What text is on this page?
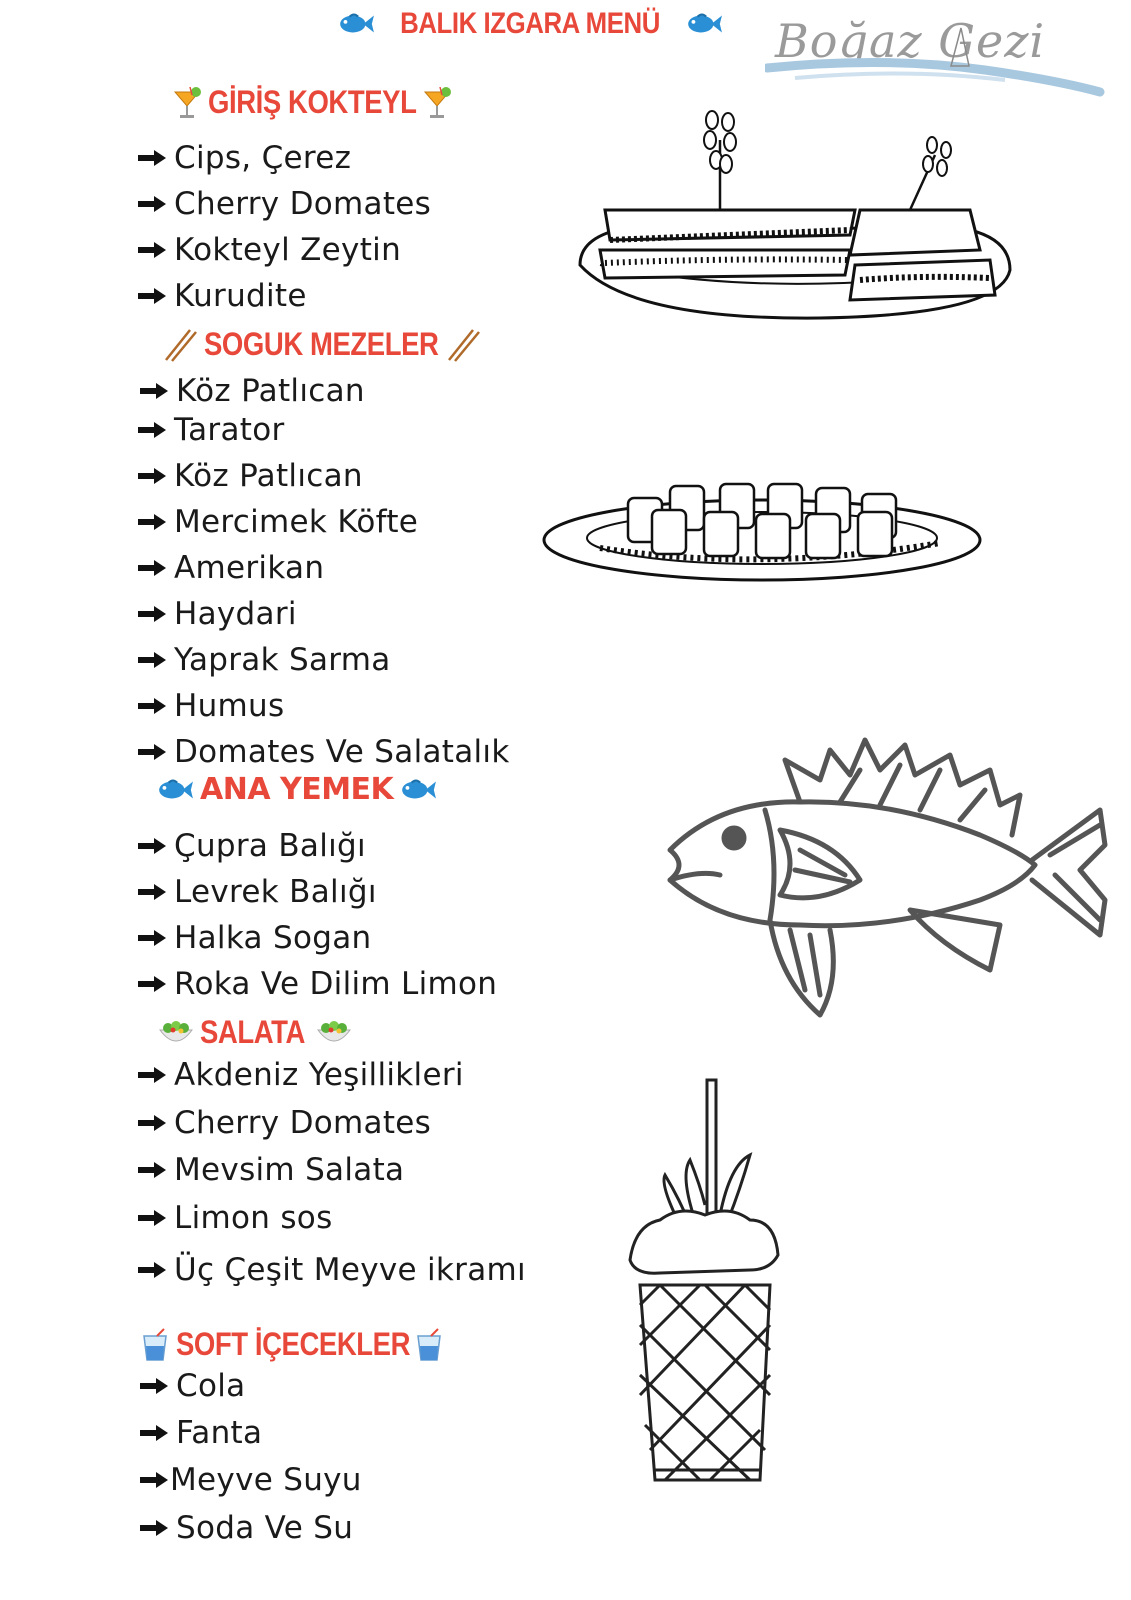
BALIK IZGARA MENÜ	Boğaz Gezi
GİRİŞ KOKTEYL
Cips, Çerez
Cherry Domates
Kokteyl Zeytin
Kurudite
SOGUK MEZELER
Köz Patlıcan
Tarator
Köz Patlıcan
Mercimek Köfte
Amerikan
Haydari
Yaprak Sarma
Humus
Domates Ve Salatalık
ANA YEMEK
Çupra Balığı
Levrek Balığı
Halka Sogan
Roka Ve Dilim Limon
SALATA
Akdeniz Yeşillikleri
Cherry Domates
Mevsim Salata
Limon sos
Üç Çeşit Meyve ikramı
SOFT İÇECEKLER
Cola
Fanta
Meyve Suyu
Soda Ve Su
